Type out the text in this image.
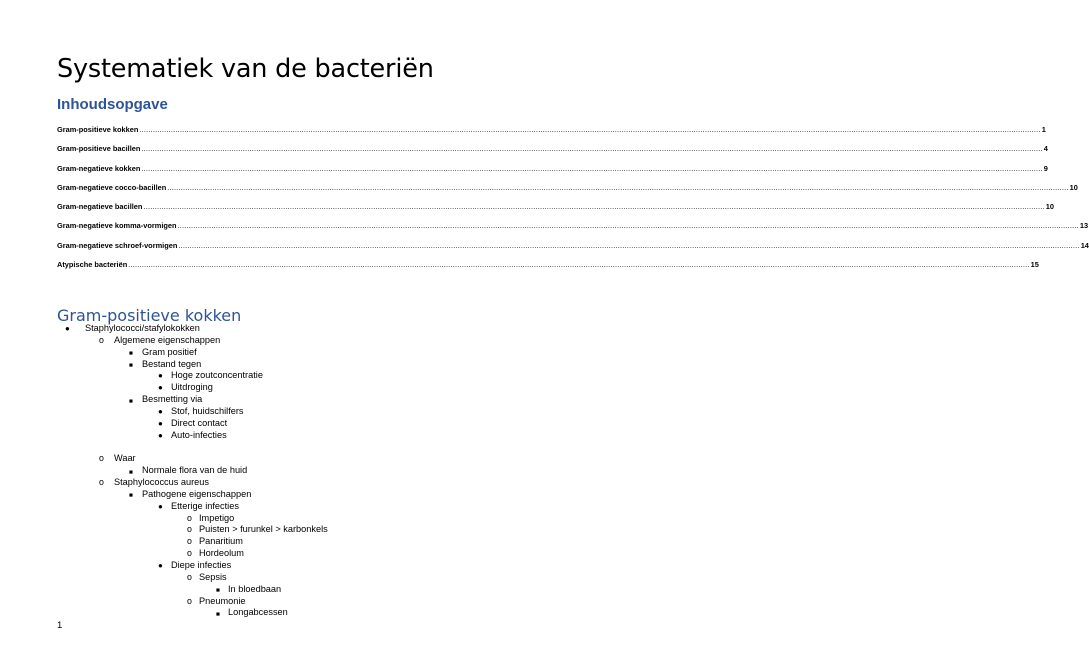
Systematiek van de bacteriën
Inhoudsopgave
Gram-positieve kokken ................................................................................................................................................................................................................................................................................................................................................................................................................ 1
Gram-positieve bacillen ................................................................................................................................................................................................................................................................................................................................................................................................................ 4
Gram-negatieve kokken ................................................................................................................................................................................................................................................................................................................................................................................................................ 9
Gram-negatieve cocco-bacillen ................................................................................................................................................................................................................................................................................................................................................................................................................ 10
Gram-negatieve bacillen ................................................................................................................................................................................................................................................................................................................................................................................................................ 10
Gram-negatieve komma-vormigen ................................................................................................................................................................................................................................................................................................................................................................................................................ 13
Gram-negatieve schroef-vormigen ................................................................................................................................................................................................................................................................................................................................................................................................................ 14
Atypische bacteriën ................................................................................................................................................................................................................................................................................................................................................................................................................ 15
Gram-positieve kokken
● Staphylococci/stafylokokken
o Algemene eigenschappen
■ Gram positief
■ Bestand tegen
● Hoge zoutconcentratie
● Uitdroging
■ Besmetting via
● Stof, huidschilfers
● Direct contact
● Auto-infecties
o Waar
■ Normale flora van de huid
o Staphylococcus aureus
■ Pathogene eigenschappen
● Etterige infecties
o Impetigo
o Puisten > furunkel > karbonkels
o Panaritium
o Hordeolum
● Diepe infecties
o Sepsis
■ In bloedbaan
o Pneumonie
■ Longabcessen
1
